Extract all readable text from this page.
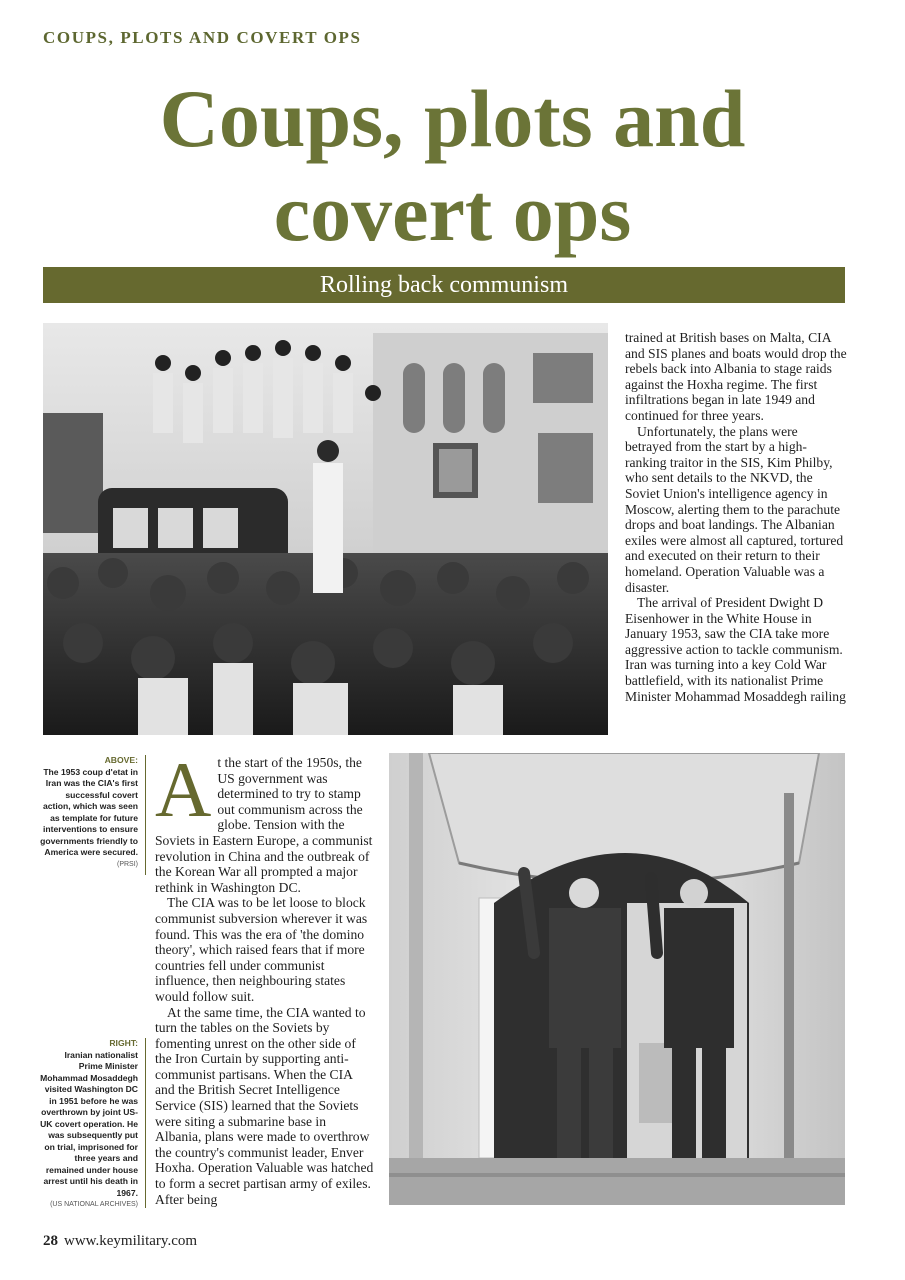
COUPS, PLOTS AND COVERT OPS
Coups, plots and
covert ops
Rolling back communism

trained at British bases on Malta, CIA and SIS planes and boats would drop the rebels back into Albania to stage raids against the Hoxha regime. The first infiltrations began in late 1949 and continued for three years.

Unfortunately, the plans were betrayed from the start by a high-ranking traitor in the SIS, Kim Philby, who sent details to the NKVD, the Soviet Union's intelligence agency in Moscow, alerting them to the parachute drops and boat landings. The Albanian exiles were almost all captured, tortured and executed on their return to their homeland. Operation Valuable was a disaster.

The arrival of President Dwight D Eisenhower in the White House in January 1953, saw the CIA take more aggressive action to tackle communism. Iran was turning into a key Cold War battlefield, with its nationalist Prime Minister Mohammad Mosaddegh railing

ABOVE:
The 1953 coup d'etat in Iran was the CIA's first successful covert action, which was seen as template for future interventions to ensure governments friendly to America were secured.
(PRSI)
RIGHT:
Iranian nationalist Prime Minister Mohammad Mosaddegh visited Washington DC in 1951 before he was overthrown by joint US-UK covert operation. He was subsequently put on trial, imprisoned for three years and remained under house arrest until his death in 1967.
(US NATIONAL ARCHIVES)

At the start of the 1950s, the US government was determined to try to stamp out communism across the globe. Tension with the Soviets in Eastern Europe, a communist revolution in China and the outbreak of the Korean War all prompted a major rethink in Washington DC.

The CIA was to be let loose to block communist subversion wherever it was found. This was the era of 'the domino theory', which raised fears that if more countries fell under communist influence, then neighbouring states would follow suit.

At the same time, the CIA wanted to turn the tables on the Soviets by fomenting unrest on the other side of the Iron Curtain by supporting anti-communist partisans. When the CIA and the British Secret Intelligence Service (SIS) learned that the Soviets were siting a submarine base in Albania, plans were made to overthrow the country's communist leader, Enver Hoxha. Operation Valuable was hatched to form a secret partisan army of exiles. After being

28 www.keymilitary.com
